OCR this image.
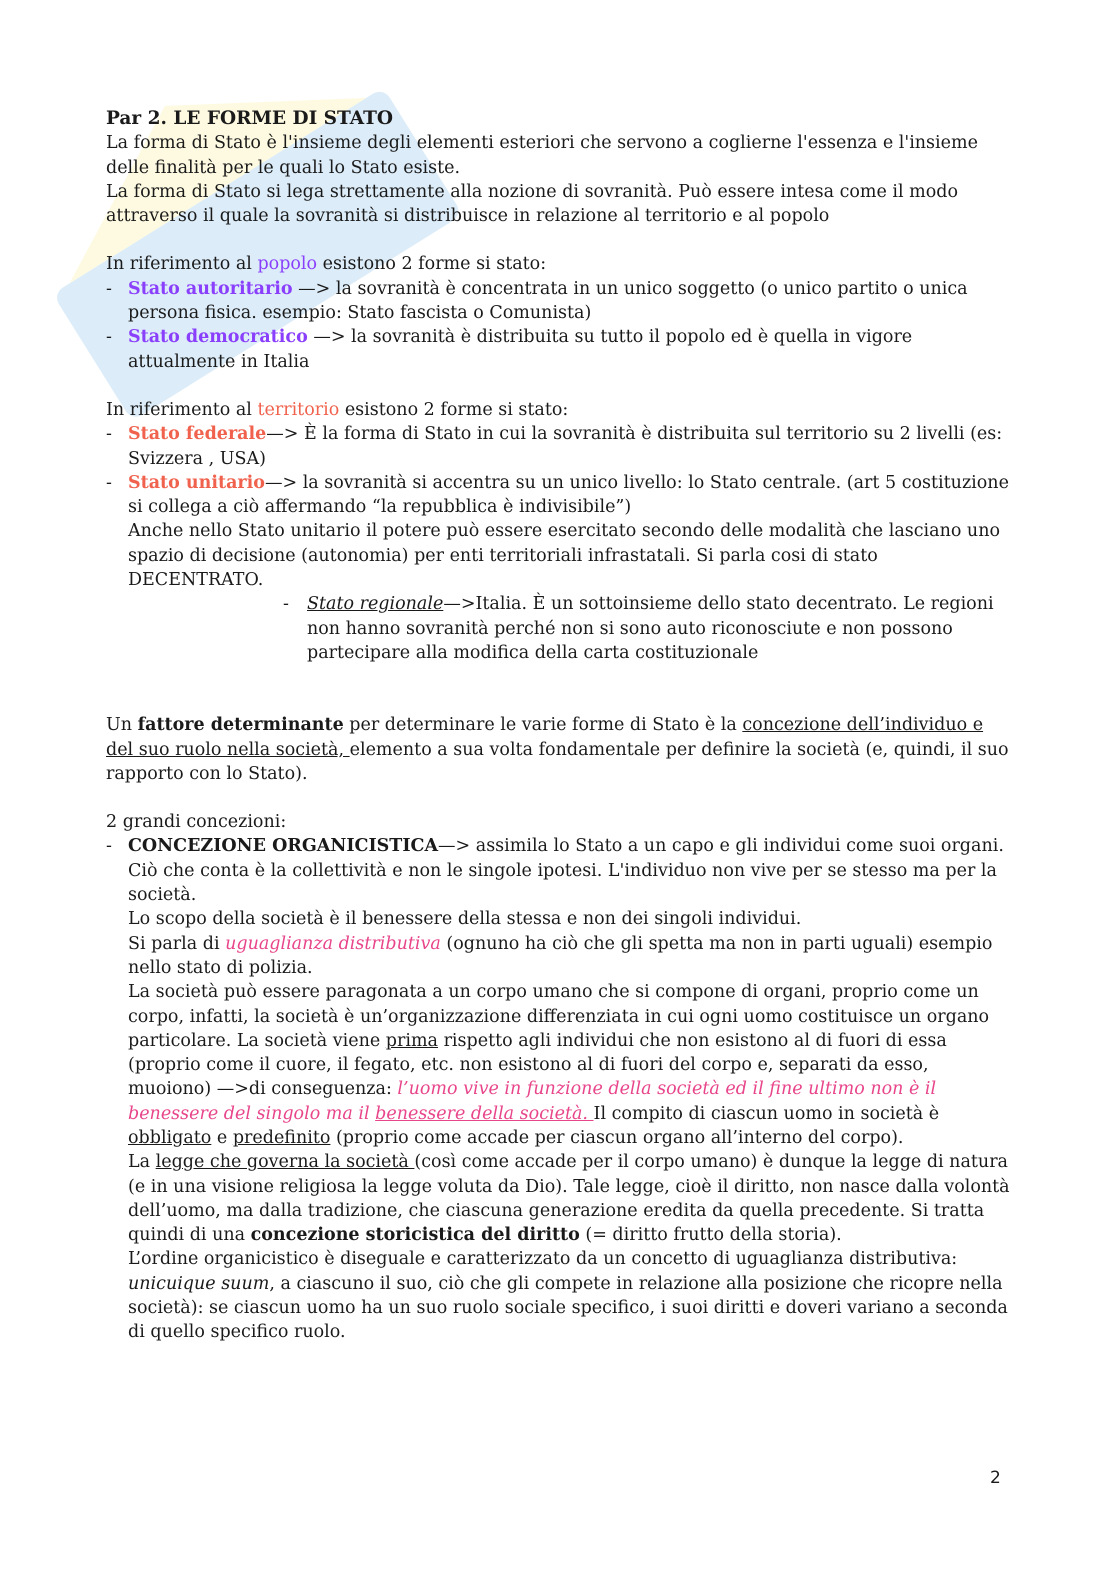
Par 2. LE FORME DI STATO

La forma di Stato è l'insieme degli elementi esteriori che servono a coglierne l'essenza e l'insieme delle finalità per le quali lo Stato esiste.

La forma di Stato si lega strettamente alla nozione di sovranità. Può essere intesa come il modo attraverso il quale la sovranità si distribuisce in relazione al territorio e al popolo

In riferimento al popolo esistono 2 forme si stato:

- Stato autoritario —> la sovranità è concentrata in un unico soggetto (o unico partito o unica persona fisica. esempio: Stato fascista o Comunista)

- Stato democratico —> la sovranità è distribuita su tutto il popolo ed è quella in vigore attualmente in Italia

In riferimento al territorio esistono 2 forme si stato:

- Stato federale—> È la forma di Stato in cui la sovranità è distribuita sul territorio su 2 livelli (es: Svizzera , USA)

- Stato unitario—> la sovranità si accentra su un unico livello: lo Stato centrale. (art 5 costituzione si collega a ciò affermando “la repubblica è indivisibile”)

Anche nello Stato unitario il potere può essere esercitato secondo delle modalità che lasciano uno spazio di decisione (autonomia) per enti territoriali infrastatali. Si parla cosi di stato DECENTRATO.

- Stato regionale—>Italia. È un sottoinsieme dello stato decentrato. Le regioni non hanno sovranità perché non si sono auto riconosciute e non possono partecipare alla modifica della carta costituzionale

Un fattore determinante per determinare le varie forme di Stato è la concezione dell’individuo e del suo ruolo nella società, elemento a sua volta fondamentale per definire la società (e, quindi, il suo rapporto con lo Stato).

2 grandi concezioni:

- CONCEZIONE ORGANICISTICA—> assimila lo Stato a un capo e gli individui come suoi organi. Ciò che conta è la collettività e non le singole ipotesi. L'individuo non vive per se stesso ma per la società.

Lo scopo della società è il benessere della stessa e non dei singoli individui.

Si parla di uguaglianza distributiva (ognuno ha ciò che gli spetta ma non in parti uguali) esempio nello stato di polizia.

La società può essere paragonata a un corpo umano che si compone di organi, proprio come un corpo, infatti, la società è un’organizzazione differenziata in cui ogni uomo costituisce un organo particolare. La società viene prima rispetto agli individui che non esistono al di fuori di essa (proprio come il cuore, il fegato, etc. non esistono al di fuori del corpo e, separati da esso, muoiono) —>di conseguenza: l’uomo vive in funzione della società ed il fine ultimo non è il benessere del singolo ma il benessere della società. Il compito di ciascun uomo in società è obbligato e predefinito (proprio come accade per ciascun organo all’interno del corpo).

La legge che governa la società (così come accade per il corpo umano) è dunque la legge di natura (e in una visione religiosa la legge voluta da Dio). Tale legge, cioè il diritto, non nasce dalla volontà dell’uomo, ma dalla tradizione, che ciascuna generazione eredita da quella precedente. Si tratta quindi di una concezione storicistica del diritto (= diritto frutto della storia).

L’ordine organicistico è diseguale e caratterizzato da un concetto di uguaglianza distributiva: unicuique suum, a ciascuno il suo, ciò che gli compete in relazione alla posizione che ricopre nella società): se ciascun uomo ha un suo ruolo sociale specifico, i suoi diritti e doveri variano a seconda di quello specifico ruolo.

2
